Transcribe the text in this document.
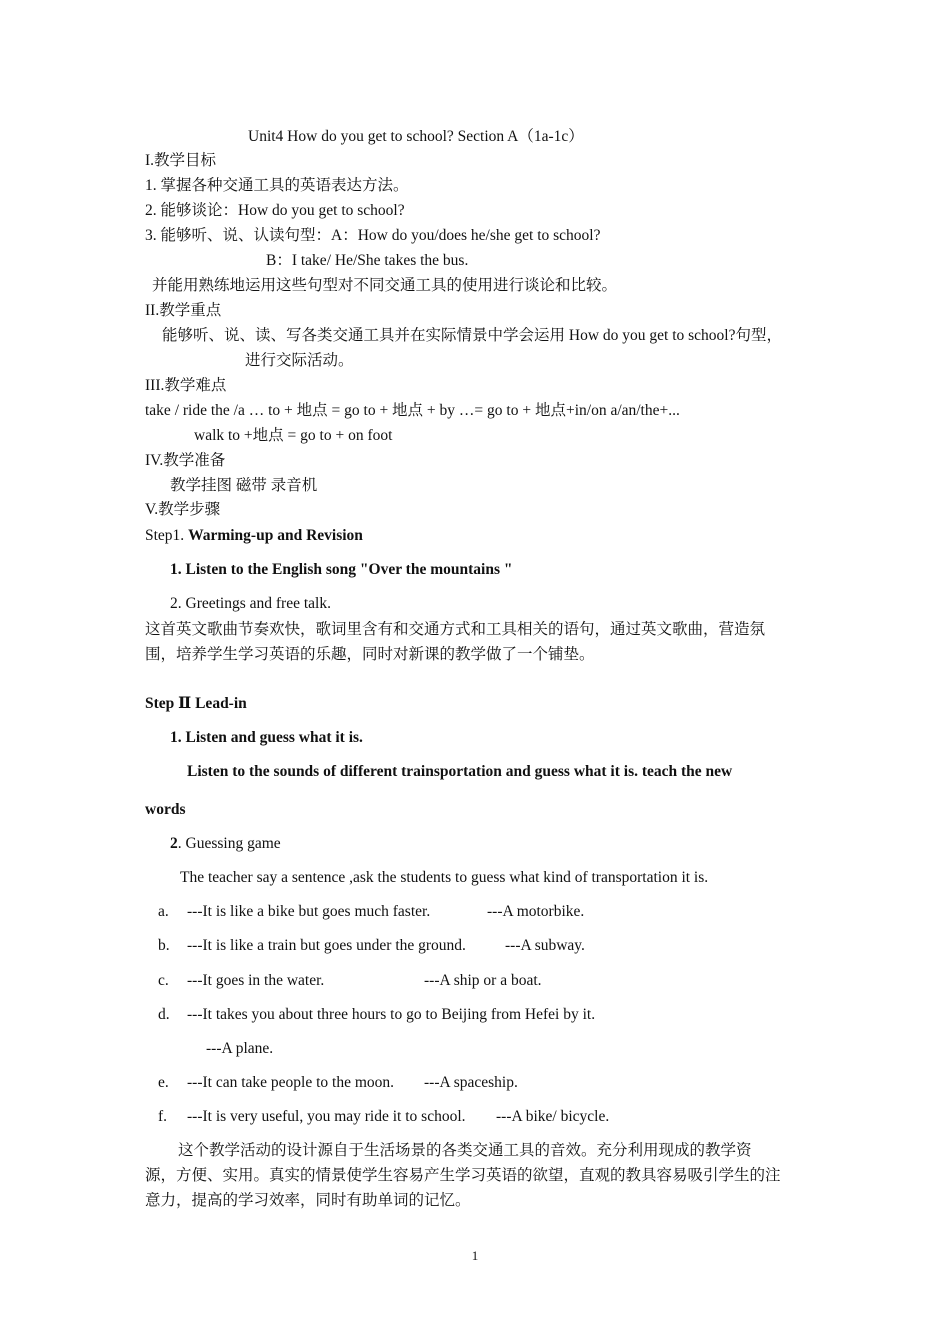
Unit4 How do you get to school? Section A（1a-1c）
I.教学目标
1. 掌握各种交通工具的英语表达方法。
2. 能够谈论：How do you get to school?
3. 能够听、说、认读句型：A：How do you/does he/she get to school?
B：I take/ He/She takes the bus.
并能用熟练地运用这些句型对不同交通工具的使用进行谈论和比较。
II.教学重点
能够听、说、读、写各类交通工具并在实际情景中学会运用 How do you get to school?句型，
进行交际活动。
III.教学难点
take / ride the /a … to + 地点 = go to + 地点 + by …= go to + 地点+in/on a/an/the+...
walk to +地点 = go to + on foot
IV.教学准备
教学挂图 磁带 录音机
V.教学步骤
Step1. Warming-up and Revision
1. Listen to the English song "Over the mountains "
2. Greetings and free talk.
这首英文歌曲节奏欢快，歌词里含有和交通方式和工具相关的语句，通过英文歌曲，营造氛
围，培养学生学习英语的乐趣，同时对新课的教学做了一个铺垫。
Step Ⅱ Lead-in
1. Listen and guess what it is.
Listen to the sounds of different trainsportation and guess what it is. teach the new
words
2. Guessing game
The teacher say a sentence ,ask the students to guess what kind of transportation it is.
a. ---It is like a bike but goes much faster.	---A motorbike.
b. ---It is like a train but goes under the ground.	---A subway.
c. ---It goes in the water.	---A ship or a boat.
d. ---It takes you about three hours to go to Beijing from Hefei by it.
---A plane.
e. ---It can take people to the moon. ---A spaceship.
f. ---It is very useful, you may ride it to school. ---A bike/ bicycle.
这个教学活动的设计源自于生活场景的各类交通工具的音效。充分利用现成的教学资
源，方便、实用。真实的情景使学生容易产生学习英语的欲望，直观的教具容易吸引学生的注
意力，提高的学习效率，同时有助单词的记忆。
1
